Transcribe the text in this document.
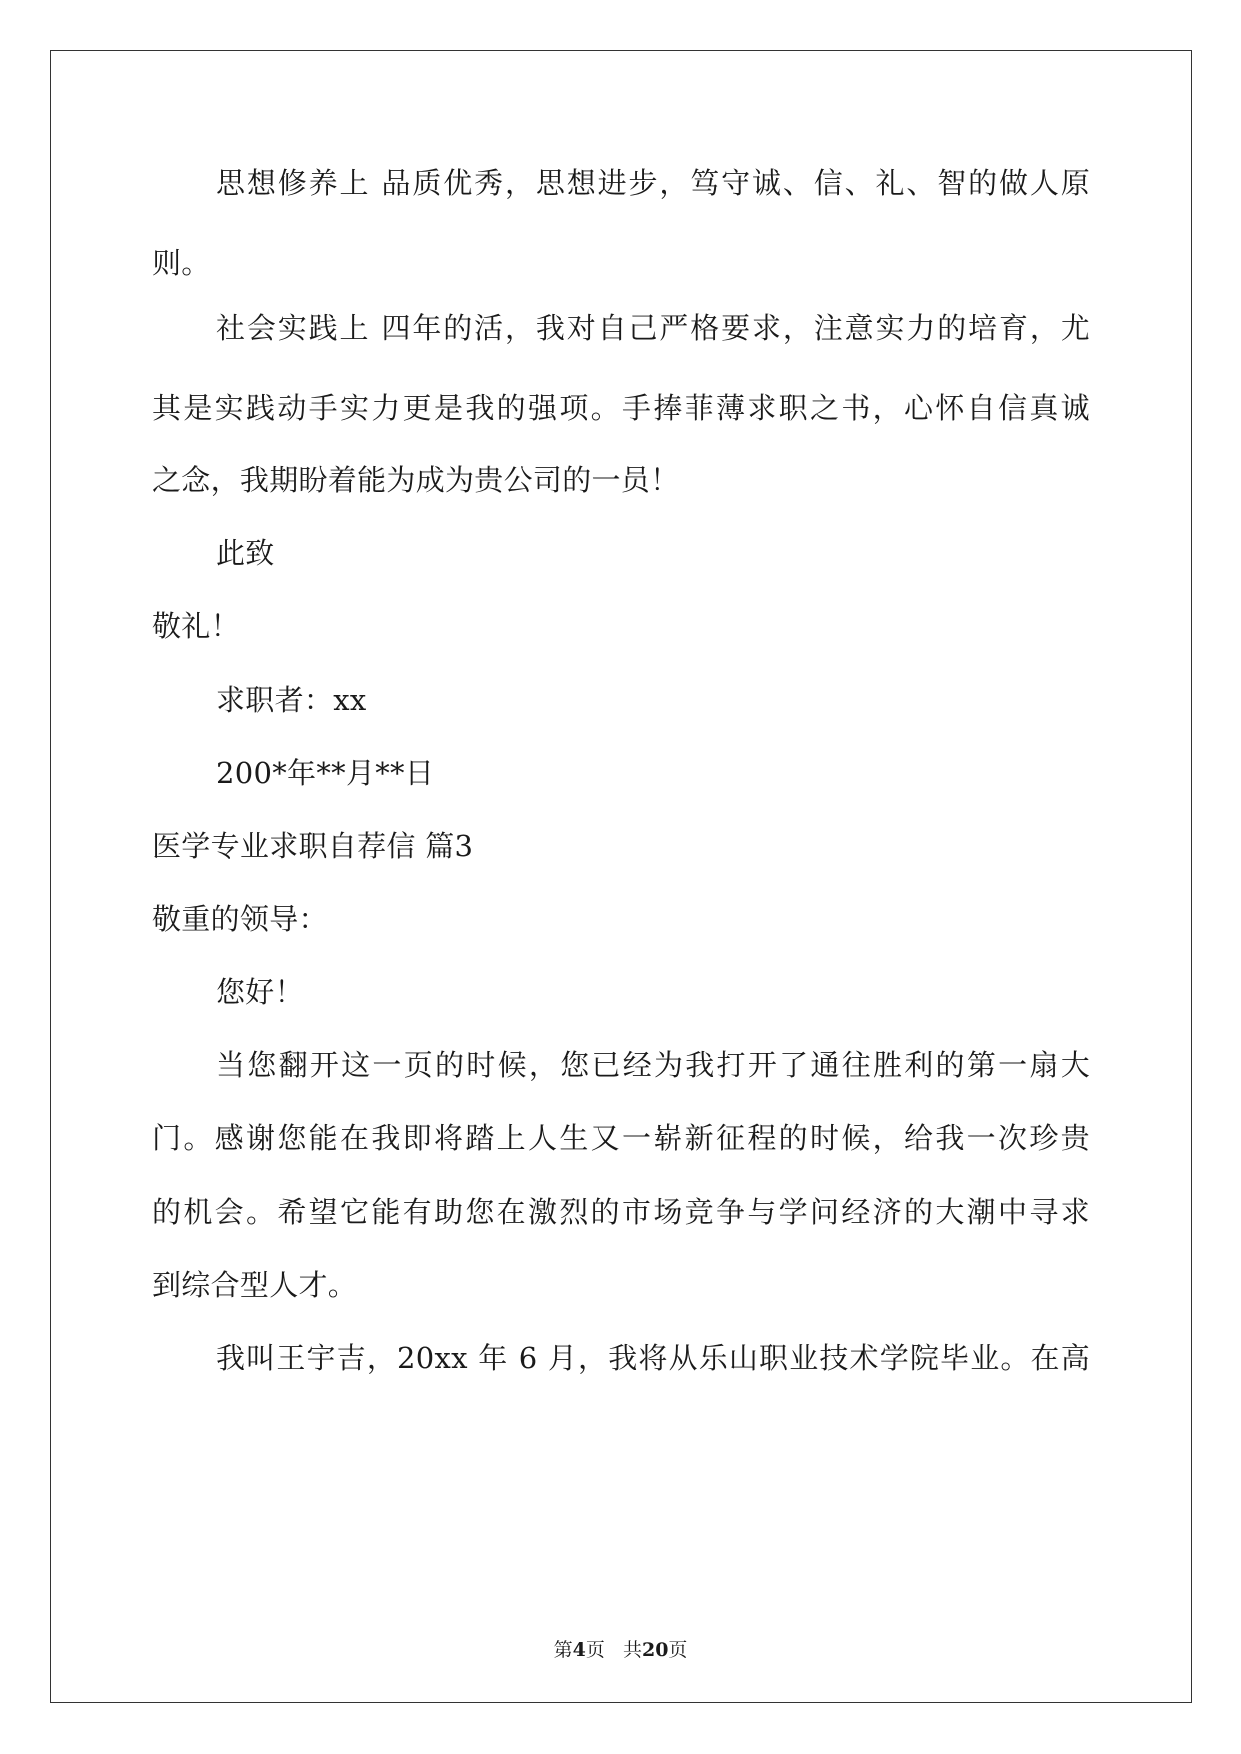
思想修养上 品质优秀，思想进步，笃守诚、信、礼、智的做人原
则。
社会实践上 四年的活，我对自己严格要求，注意实力的培育，尤
其是实践动手实力更是我的强项。手捧菲薄求职之书，心怀自信真诚
之念，我期盼着能为成为贵公司的一员！
此致
敬礼！
求职者：xx
200*年**月**日
医学专业求职自荐信 篇3
敬重的领导：
您好！
当您翻开这一页的时候，您已经为我打开了通往胜利的第一扇大
门。感谢您能在我即将踏上人生又一崭新征程的时候，给我一次珍贵
的机会。希望它能有助您在激烈的市场竞争与学问经济的大潮中寻求
到综合型人才。
我叫王宇吉，20xx 年 6 月，我将从乐山职业技术学院毕业。在高
第4页 共20页
